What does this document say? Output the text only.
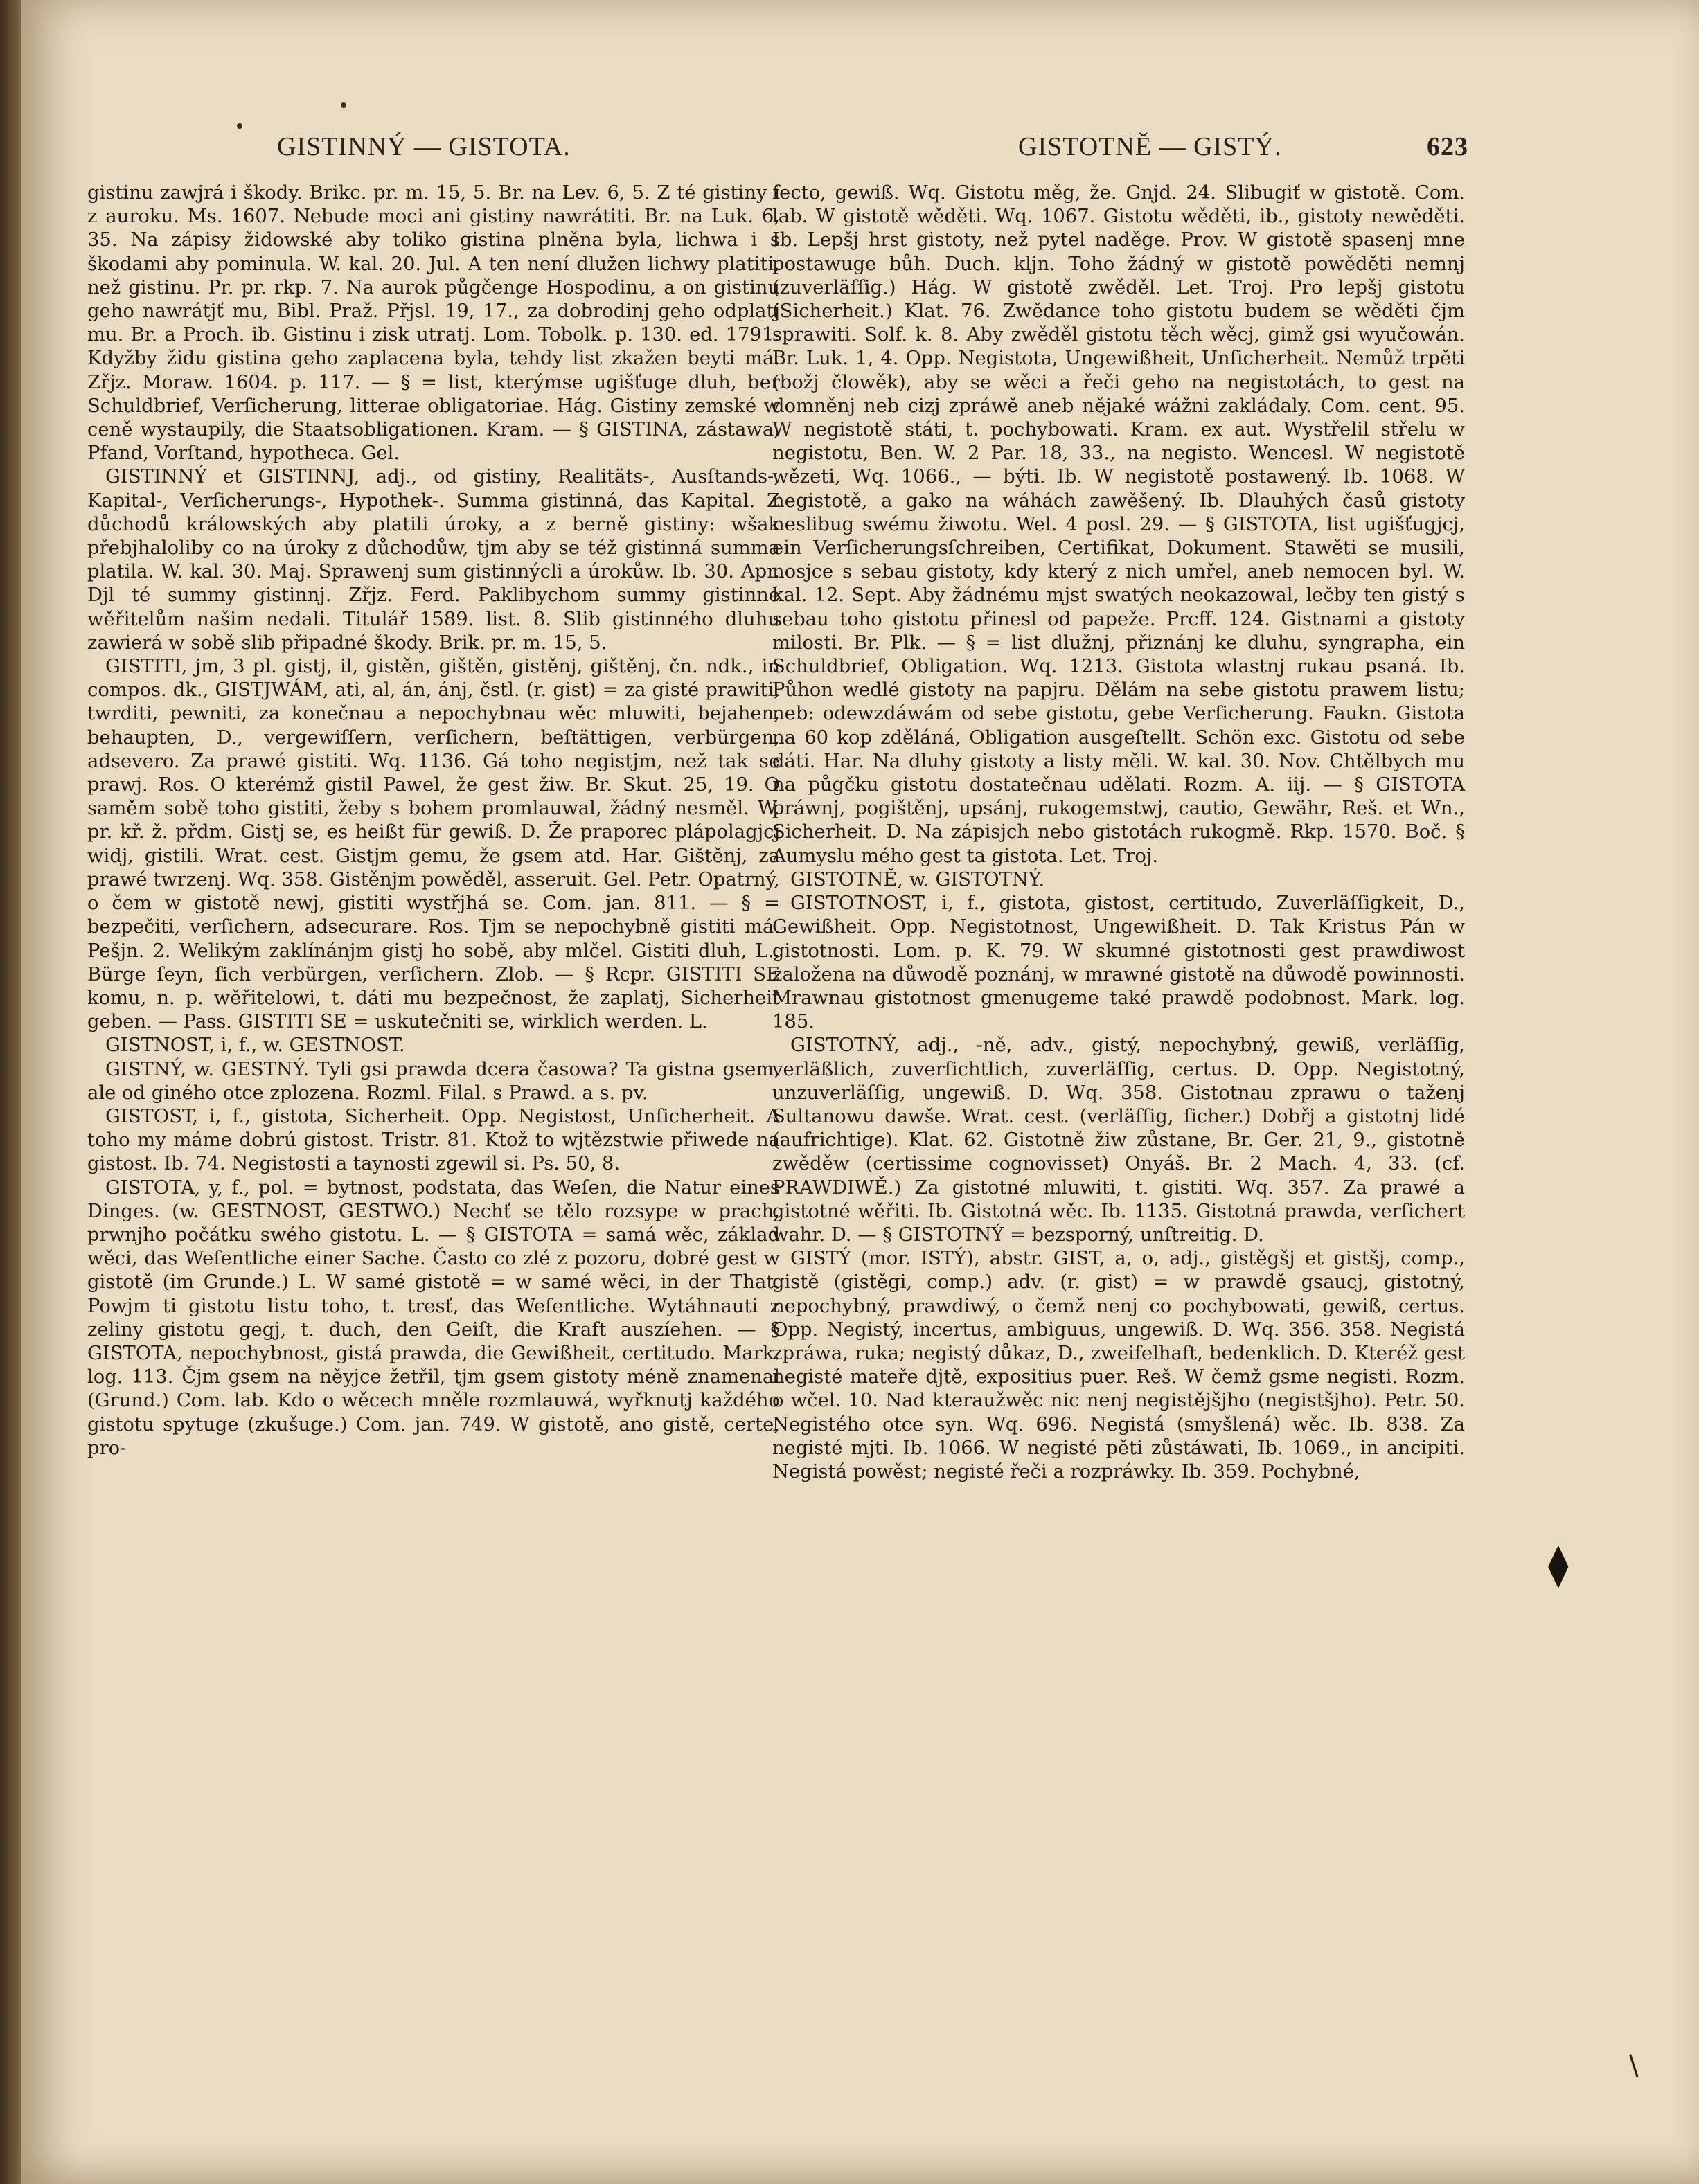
GISTINNÝ — GISTOTA.	GISTOTNĚ — GISTÝ.	623

gistinu zawjrá i škody. Brikc. pr. m. 15, 5. Br. na Lev. 6, 5. Z té gistiny i z auroku. Ms. 1607. Nebude moci ani gistiny nawrátiti. Br. na Luk. 6, 35. Na zápisy židowské aby toliko gistina plněna byla, lichwa i s škodami aby pominula. W. kal. 20. Jul. A ten není dlužen lichwy platiti, než gistinu. Pr. pr. rkp. 7. Na aurok půgčenge Hospodinu, a on gistinu geho nawrátjť mu, Bibl. Praž. Přjsl. 19, 17., za dobrodinj geho odplatj mu. Br. a Proch. ib. Gistinu i zisk utratj. Lom. Tobolk. p. 130. ed. 1791. Kdyžby židu gistina geho zaplacena byla, tehdy list zkažen beyti má. Zřjz. Moraw. 1604. p. 117. — § = list, kterýmse ugišťuge dluh, ber Schuldbrief, Verſicherung, litterae obligatoriae. Hág. Gistiny zemské w ceně wystaupily, die Staatsobligationen. Kram. — § GISTINA, zástawa, Pfand, Vorſtand, hypotheca. Gel.

GISTINNÝ et GISTINNJ, adj., od gistiny, Realitäts-, Ausſtands-, Kapital-, Verſicherungs-, Hypothek-. Summa gistinná, das Kapital. Z důchodů králowských aby platili úroky, a z berně gistiny: wšak přebjhaloliby co na úroky z důchodůw, tjm aby se též gistinná summa platila. W. kal. 30. Maj. Sprawenj sum gistinnýcli a úrokůw. Ib. 30. Apr. Djl té summy gistinnj. Zřjz. Ferd. Paklibychom summy gistinné wěřitelům našim nedali. Titulář 1589. list. 8. Slib gistinného dluhu zawierá w sobě slib připadné škody. Brik. pr. m. 15, 5.

GISTITI, jm, 3 pl. gistj, il, gistěn, gištěn, gistěnj, gištěnj, čn. ndk., in compos. dk., GISTJWÁM, ati, al, án, ánj, čstl. (r. gist) = za gisté prawiti, twrditi, pewniti, za konečnau a nepochybnau wěc mluwiti, bejahen, behaupten, D., vergewiſſern, verſichern, beſtättigen, verbürgen, adsevero. Za prawé gistiti. Wq. 1136. Gá toho negistjm, než tak se prawj. Ros. O kterémž gistil Pawel, že gest žiw. Br. Skut. 25, 19. O saměm sobě toho gistiti, žeby s bohem promlauwal, žádný nesměl. W. pr. kř. ž. přdm. Gistj se, es heißt für gewiß. D. Že praporec plápolagjcj widj, gistili. Wrat. cest. Gistjm gemu, že gsem atd. Har. Gištěnj, za prawé twrzenj. Wq. 358. Gistěnjm powěděl, asseruit. Gel. Petr. Opatrný, o čem w gistotě newj, gistiti wystřjhá se. Com. jan. 811. — § = bezpečiti, verſichern, adsecurare. Ros. Tjm se nepochybně gistiti má. Pešjn. 2. Welikým zaklínánjm gistj ho sobě, aby mlčel. Gistiti dluh, L., Bürge ſeyn, ſich verbürgen, verſichern. Zlob. — § Rcpr. GISTITI SE komu, n. p. wěřitelowi, t. dáti mu bezpečnost, že zaplatj, Sicherheit geben. — Pass. GISTITI SE = uskutečniti se, wirklich werden. L.

GISTNOST, i, f., w. GESTNOST.

GISTNÝ, w. GESTNÝ. Tyli gsi prawda dcera časowa? Ta gistna gsem, ale od giného otce zplozena. Rozml. Filal. s Prawd. a s. pv.

GISTOST, i, f., gistota, Sicherheit. Opp. Negistost, Unſicherheit. A toho my máme dobrú gistost. Tristr. 81. Ktož to wjtězstwie přiwede na gistost. Ib. 74. Negistosti a taynosti zgewil si. Ps. 50, 8.

GISTOTA, y, f., pol. = bytnost, podstata, das Weſen, die Natur eines Dinges. (w. GESTNOST, GESTWO.) Nechť se tělo rozsype w prach, prwnjho počátku swého gistotu. L. — § GISTOTA = samá wěc, základ wěci, das Weſentliche einer Sache. Často co zlé z pozoru, dobré gest w gistotě (im Grunde.) L. W samé gistotě = w samé wěci, in der That. Powjm ti gistotu listu toho, t. tresť, das Weſentliche. Wytáhnauti z zeliny gistotu gegj, t. duch, den Geiſt, die Kraft auszíehen. — § GISTOTA, nepochybnost, gistá prawda, die Gewißheit, certitudo. Mark. log. 113. Čjm gsem na něyjce žetřil, tjm gsem gistoty méně znamenal (Grund.) Com. lab. Kdo o wěcech mněle rozmlauwá, wyřknutj každého gistotu spytuge (zkušuge.) Com. jan. 749. W gistotě, ano gistě, certe, pro-

fecto, gewiß. Wq. Gistotu měg, že. Gnjd. 24. Slibugiť w gistotě. Com. lab. W gistotě wěděti. Wq. 1067. Gistotu wěděti, ib., gistoty newěděti. Ib. Lepšj hrst gistoty, než pytel naděge. Prov. W gistotě spasenj mne postawuge bůh. Duch. kljn. Toho žádný w gistotě powěděti nemnj (zuverläſſig.) Hág. W gistotě zwěděl. Let. Troj. Pro lepšj gistotu (Sicherheit.) Klat. 76. Zwědance toho gistotu budem se wěděti čjm sprawiti. Solf. k. 8. Aby zwěděl gistotu těch wěcj, gimž gsi wyučowán. Br. Luk. 1, 4. Opp. Negistota, Ungewißheit, Unſicherheit. Nemůž trpěti (božj člowěk), aby se wěci a řeči geho na negistotách, to gest na domněnj neb cizj zpráwě aneb nějaké wážni zakládaly. Com. cent. 95. W negistotě státi, t. pochybowati. Kram. ex aut. Wystřelil střelu w negistotu, Ben. W. 2 Par. 18, 33., na negisto. Wencesl. W negistotě wězeti, Wq. 1066., — býti. Ib. W negistotě postawený. Ib. 1068. W negistotě, a gako na wáhách zawěšený. Ib. Dlauhých časů gistoty neslibug swému žiwotu. Wel. 4 posl. 29. — § GISTOTA, list ugišťugjcj, ein Verſicherungsſchreiben, Certifikat, Dokument. Stawěti se musili, nosjce s sebau gistoty, kdy který z nich umřel, aneb nemocen byl. W. kal. 12. Sept. Aby žádnému mjst swatých neokazowal, lečby ten gistý s sebau toho gistotu přinesl od papeže. Prcff. 124. Gistnami a gistoty milosti. Br. Plk. — § = list dlužnj, přiznánj ke dluhu, syngrapha, ein Schuldbrief, Obligation. Wq. 1213. Gistota wlastnj rukau psaná. Ib. Půhon wedlé gistoty na papjru. Dělám na sebe gistotu prawem listu; neb: odewzdáwám od sebe gistotu, gebe Verſicherung. Faukn. Gistota na 60 kop zděláná, Obligation ausgeſtellt. Schön exc. Gistotu od sebe dáti. Har. Na dluhy gistoty a listy měli. W. kal. 30. Nov. Chtělbych mu na půgčku gistotu dostatečnau udělati. Rozm. A. iij. — § GISTOTA práwnj, pogištěnj, upsánj, rukogemstwj, cautio, Gewähr, Reš. et Wn., Sicherheit. D. Na zápisjch nebo gistotách rukogmě. Rkp. 1570. Boč. § Aumyslu mého gest ta gistota. Let. Troj.

GISTOTNĚ, w. GISTOTNÝ.

GISTOTNOST, i, f., gistota, gistost, certitudo, Zuverläſſigkeit, D., Gewißheit. Opp. Negistotnost, Ungewißheit. D. Tak Kristus Pán w gistotnosti. Lom. p. K. 79. W skumné gistotnosti gest prawdiwost založena na důwodě poznánj, w mrawné gistotě na důwodě powinnosti. Mrawnau gistotnost gmenugeme také prawdě podobnost. Mark. log. 185.

GISTOTNÝ, adj., -ně, adv., gistý, nepochybný, gewiß, verläſſig, verläßlich, zuverſichtlich, zuverläſſig, certus. D. Opp. Negistotný, unzuverläſſig, ungewiß. D. Wq. 358. Gistotnau zprawu o taženj Sultanowu dawše. Wrat. cest. (verläſſig, ſicher.) Dobřj a gistotnj lidé (aufrichtige). Klat. 62. Gistotně žiw zůstane, Br. Ger. 21, 9., gistotně zwěděw (certissime cognovisset) Onyáš. Br. 2 Mach. 4, 33. (cf. PRAWDIWĚ.) Za gistotné mluwiti, t. gistiti. Wq. 357. Za prawé a gistotné wěřiti. Ib. Gistotná wěc. Ib. 1135. Gistotná prawda, verſichert wahr. D. — § GISTOTNÝ = bezsporný, unſtreitig. D.

GISTÝ (mor. ISTÝ), abstr. GIST, a, o, adj., gistěgšj et gistšj, comp., gistě (gistěgi, comp.) adv. (r. gist) = w prawdě gsaucj, gistotný, nepochybný, prawdiwý, o čemž nenj co pochybowati, gewiß, certus. Opp. Negistý, incertus, ambiguus, ungewiß. D. Wq. 356. 358. Negistá zpráwa, ruka; negistý důkaz, D., zweifelhaft, bedenklich. D. Kteréž gest negisté mateře djtě, expositius puer. Reš. W čemž gsme negisti. Rozm. o wčel. 10. Nad kteraužwěc nic nenj negistějšjho (negistšjho). Petr. 50. Negistého otce syn. Wq. 696. Negistá (smyšlená) wěc. Ib. 838. Za negisté mjti. Ib. 1066. W negisté pěti zůstáwati, Ib. 1069., in ancipiti. Negistá powěst; negisté řeči a rozpráwky. Ib. 359. Pochybné,

⧫
∕
